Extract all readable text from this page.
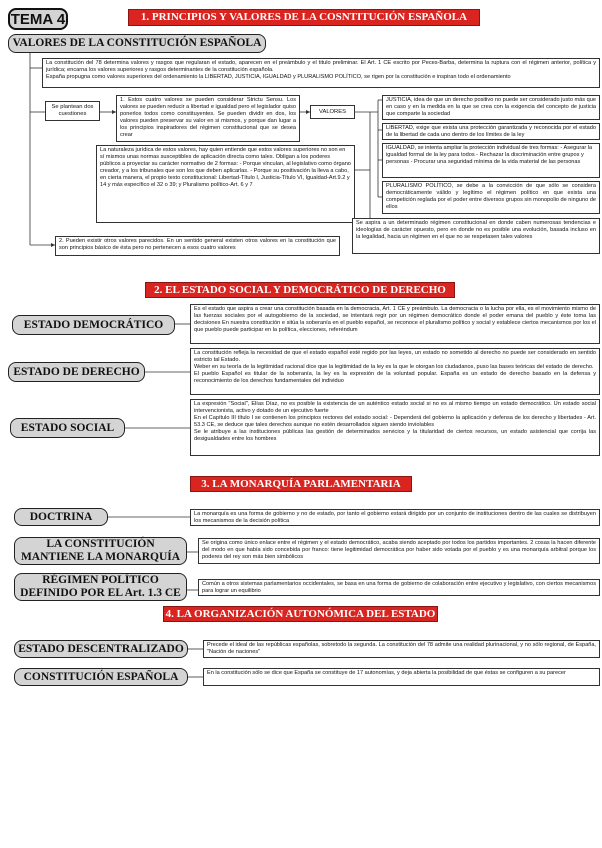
TEMA 4	1. PRINCIPIOS Y VALORES DE LA COSNTITUCIÓN ESPAÑOLA
VALORES DE LA CONSTITUCIÓN ESPAÑOLA

La constitución del 78 determina valores y rasgos que regularan el estado, aparecen en el preámbulo y el titulo preliminar. El Art. 1 CE escrito por Peces-Barba, determina la ruptura con el régimen anterior, política y jurídica; encarna los valores superiores y rasgos determinantes de la constitución española.

España propugna como valores superiores del ordenamiento la LIBERTAD, JUSTICIA, IGUALDAD y PLURALISMO POLÍTICO, se rigen por la constitución e inspiran todo el ordenamiento

Se plantean dos cuestiones
1. Estos cuatro valores se pueden considerar Strictu Sensu. Los valores se pueden reducir a libertad e igualdad pero el legislador quiso ponerlos todos como constituyentes. Se pueden dividir en dos, los valores pueden preservar su valor en si mismos, y porque dan lugar a los principios inspiradores del régimen constitucional que se desea crear
VALORES
JUSTICIA, idea de que un derecho positivo no puede ser considerado justo más que en caso y en la medida en la que se crea con la exigencia del concepto de justicia que comparte la sociedad
LIBERTAD, exige que exista una protección garantizada y reconocida por el estado de la libertad de cada uno dentro de los límites de la ley
IGUALDAD, se intenta ampliar la protección individual de tres formas: - Asegurar la igualdad formal de la ley para todos - Rechazar la discriminación entre grupos y personas - Procurar una seguridad mínima de la vida material de las personas
PLURALISMO POLÍTICO, se debe a la convicción de que sólo se considera democráticamente válido y legítimo el régimen político en que exista una competición reglada por el poder entre diversos grupos sin monopolio de ninguno de ellos
La naturaleza jurídica de estos valores, hay quien entiende que estos valores superiores no son en sí mismos unas normas susceptibles de aplicación directa como tales. Obligan a los poderes públicos a proyectar su carácter normativo de 2 formas: - Porque vinculan, al legislativo como órgano creador, y a los tribunales que son los que deben aplicarlas. - Porque su positivación la lleva a cabo, en cierta manera, el propio texto constitucional: Libertad-Título I, Justicia-Título VI, Igualdad-Art.9.2 y 14 y más específico el 32 o 39; y Pluralismo político-Art. 6 y 7
Se aspira a un determinado régimen constitucional en donde caben numerosas tendencias e ideologías de carácter opuesto, pero en donde no es posible una evolución, basada incluso en la legalidad, hacia un régimen en el que no se respetasen tales valores
2. Pueden existir otros valores parecidos. En un sentido general existen otros valores en la constitución que son principios básico de ésta pero no pertenecen a esos cuatro valores
2. EL ESTADO SOCIAL Y DEMOCRÁTICO DE DERECHO
ESTADO DEMOCRÁTICO
Es el estado que aspira a crear una constitución basada en la democracia, Art. 1 CE y preámbulo. La democracia o la lucha por ella, es el movimiento mismo de las fuerzas sociales por el autogobierno de la sociedad, se intentará regir por un régimen democrático donde el poder emana del pueblo y éste toma las decisiones En nuestra constitución e sitúa la soberanía en el pueblo español, se reconoce el pluralismo político y social y establece ciertos mecanismos por los el que pueblo puede participar en la política, elecciones, referéndum
ESTADO DE DERECHO

La constitución refleja la necesidad de que el estado español esté regido por las leyes, un estado no sometido al derecho no puede ser considerado en sentido estricto tal Estado.

Weber en su teoría de la legitimidad racional dice que la legitimidad de la ley es la que le otorgan los ciudadanos, puso las bases teóricas del estado de derecho.

El pueblo Español es titular de la soberanía, la ley es la expresión de la voluntad popular. España es un estado de derecho basado en la defensa y reconocimiento de los derechos fundamentales del individuo

ESTADO SOCIAL

La expresión "Social", Elías Díaz, no es posible la existencia de un auténtico estado social si no es al mismo tiempo un estado democrático. Un estado social intervencionista, activo y dotado de un ejecutivo fuerte

En el Capítulo III título I se contienen los principios rectores del estado social: - Dependerá del gobierno la aplicación y defensa de los derecho y libertades - Art. 53.3 CE, se deduce que tales derechos aunque no estén desarrollados siguen siendo inviolables

Se le atribuye a las instituciones públicas las gestión de determinados servicios y la titularidad de ciertos recursos, un estado asistencial que corrija las desigualdades entre los hombres

3. LA MONARQUÍA PARLAMENTARIA
DOCTRINA	La monarquía es una forma de gobierno y no de estado, por tanto el gobierno estará dirigido por un conjunto de instituciones dentro de las cuales se distribuyen los mecanismos de la decisión política
LA CONSTITUCIÓN MANTIENE LA MONARQUÍA
Se origina como único enlace entre el régimen y el estado democrático, acaba siendo aceptado por todos los partidos importantes. 2 cosas la hacen diferente del modo en que había sido concebida por franco: tiene legitimidad democrática por haber sido votada por el pueblo y es una monarquía arbitral porque los poderes del rey son más bien simbólicos
RÉGIMEN POLÍTICO DEFINIDO POR EL Art. 1.3 CE
Común a otros sistemas parlamentarios occidentales, se basa en una forma de gobierno de colaboración entre ejecutivo y legislativo, con ciertos mecanismos para lograr un equilibrio
4. LA ORGANIZACIÓN AUTONÓMICA DEL ESTADO
ESTADO DESCENTRALIZADO	Precede el ideal de las repúblicas españolas, sobretodo la segunda. La constitución del 78 admite una realidad plurinacional, y no sólo regional, de España, "Nación de naciones"
CONSTITUCIÓN ESPAÑOLA	En la constitución sólo se dice que España se constituye de 17 autonomías, y deja abierta la posibilidad de que éstas se configuren a su parecer
